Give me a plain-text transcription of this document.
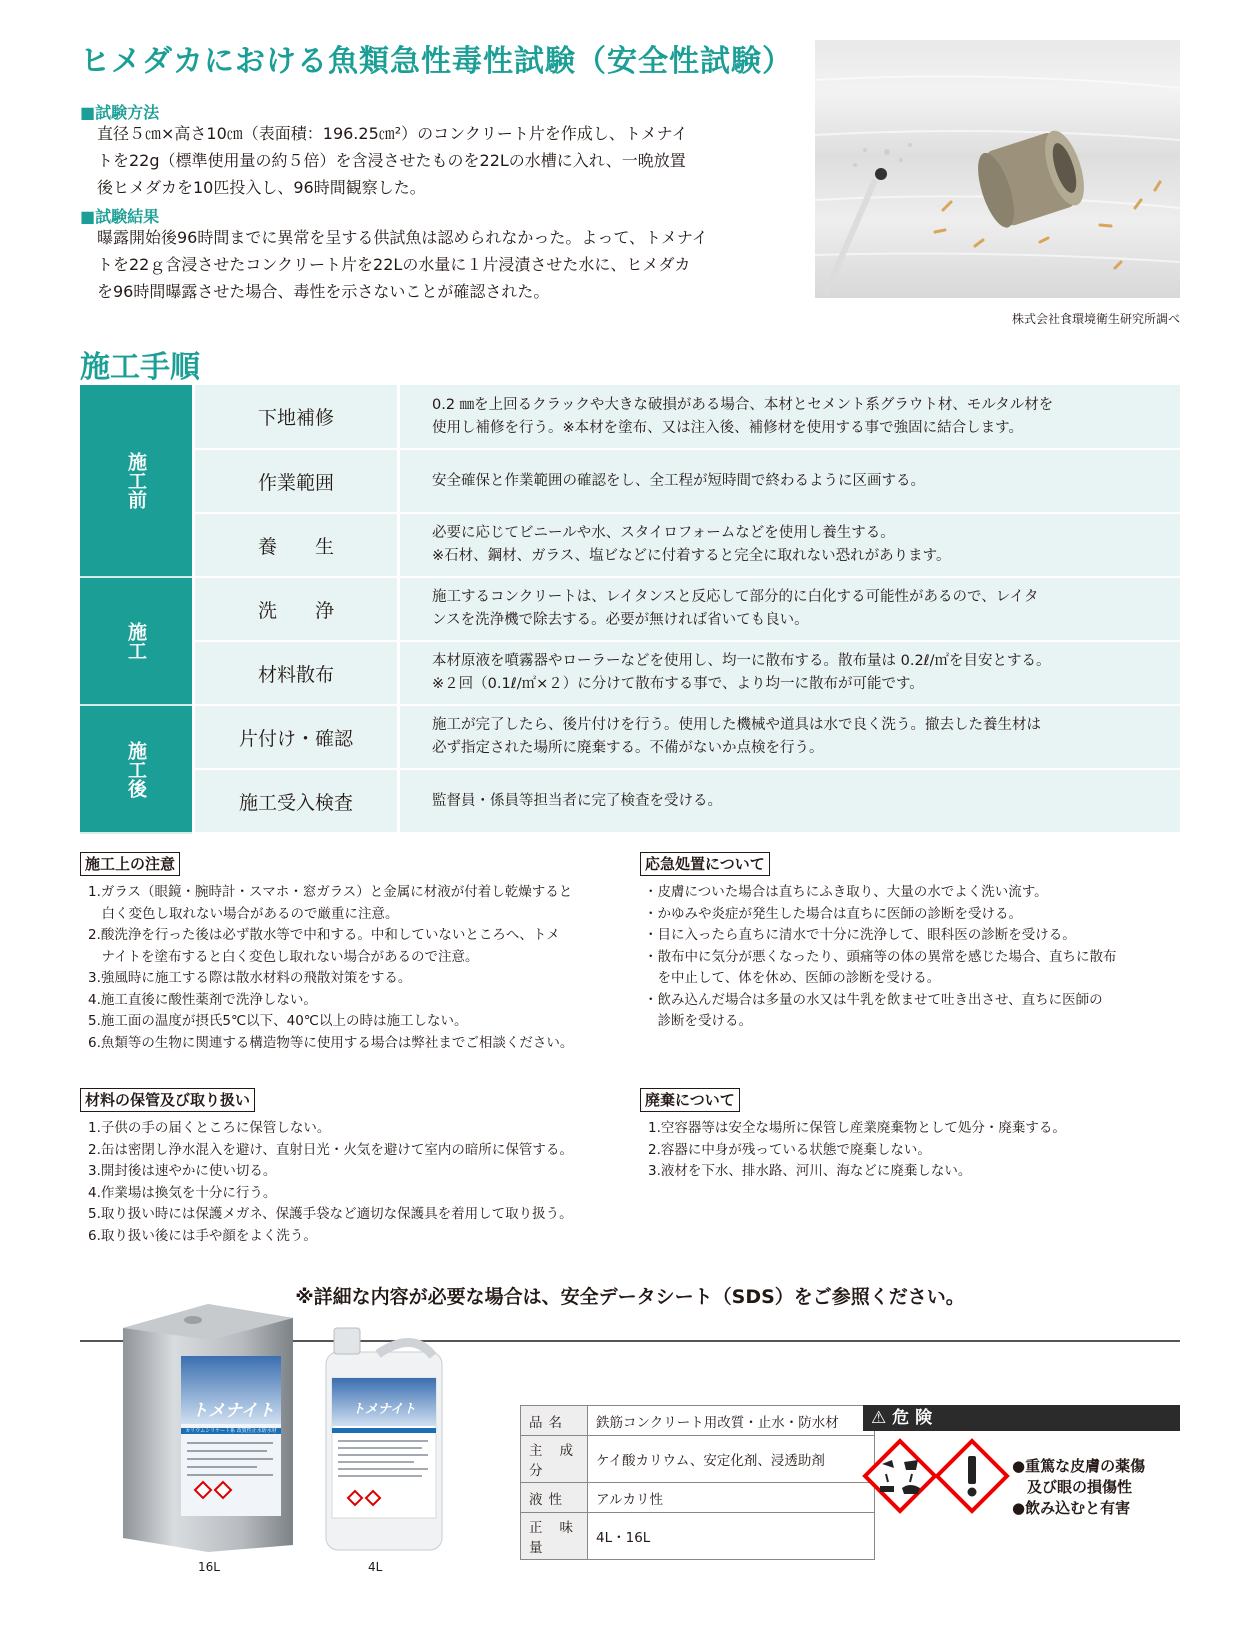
ヒメダカにおける魚類急性毒性試験（安全性試験）
■試験方法
直径５㎝×高さ10㎝（表面積：196.25㎝²）のコンクリート片を作成し、トメナイ
トを22g（標準使用量の約５倍）を含浸させたものを22Lの水槽に入れ、一晩放置
後ヒメダカを10匹投入し、96時間観察した。
■試験結果
曝露開始後96時間までに異常を呈する供試魚は認められなかった。よって、トメナイ
トを22ｇ含浸させたコンクリート片を22Lの水量に１片浸漬させた水に、ヒメダカ
を96時間曝露させた場合、毒性を示さないことが確認された。
株式会社食環境衛生研究所調べ
施工手順
施工前	下地補修	0.2 ㎜を上回るクラックや大きな破損がある場合、本材とセメント系グラウト材、モルタル材を
使用し補修を行う。※本材を塗布、又は注入後、補修材を使用する事で強固に結合します。

	作業範囲	安全確保と作業範囲の確認をし、全工程が短時間で終わるように区画する。

	養　　生	必要に応じてビニールや水、スタイロフォームなどを使用し養生する。
※石材、鋼材、ガラス、塩ビなどに付着すると完全に取れない恐れがあります。

施工	洗　　浄	施工するコンクリートは、レイタンスと反応して部分的に白化する可能性があるので、レイタ
ンスを洗浄機で除去する。必要が無ければ省いても良い。

	材料散布	本材原液を噴霧器やローラーなどを使用し、均一に散布する。散布量は 0.2ℓ/㎡を目安とする。
※２回（0.1ℓ/㎡×２）に分けて散布する事で、より均一に散布が可能です。

施工後	片付け・確認	施工が完了したら、後片付けを行う。使用した機械や道具は水で良く洗う。撤去した養生材は
必ず指定された場所に廃棄する。不備がないか点検を行う。

	施工受入検査	監督員・係員等担当者に完了検査を受ける。
施工上の注意
1.ガラス（眼鏡・腕時計・スマホ・窓ガラス）と金属に材液が付着し乾燥すると
　白く変色し取れない場合があるので厳重に注意。
2.酸洗浄を行った後は必ず散水等で中和する。中和していないところへ、トメ
　ナイトを塗布すると白く変色し取れない場合があるので注意。
3.強風時に施工する際は散水材料の飛散対策をする。
4.施工直後に酸性薬剤で洗浄しない。
5.施工面の温度が摂氏5℃以下、40℃以上の時は施工しない。
6.魚類等の生物に関連する構造物等に使用する場合は弊社までご相談ください。
応急処置について
・皮膚についた場合は直ちにふき取り、大量の水でよく洗い流す。
・かゆみや炎症が発生した場合は直ちに医師の診断を受ける。
・目に入ったら直ちに清水で十分に洗浄して、眼科医の診断を受ける。
・散布中に気分が悪くなったり、頭痛等の体の異常を感じた場合、直ちに散布
　を中止して、体を休め、医師の診断を受ける。
・飲み込んだ場合は多量の水又は牛乳を飲ませて吐き出させ、直ちに医師の
　診断を受ける。
材料の保管及び取り扱い
1.子供の手の届くところに保管しない。
2.缶は密閉し浄水混入を避け、直射日光・火気を避けて室内の暗所に保管する。
3.開封後は速やかに使い切る。
4.作業場は換気を十分に行う。
5.取り扱い時には保護メガネ、保護手袋など適切な保護具を着用して取り扱う。
6.取り扱い後には手や顔をよく洗う。
廃棄について
1.空容器等は安全な場所に保管し産業廃棄物として処分・廃棄する。
2.容器に中身が残っている状態で廃棄しない。
3.液材を下水、排水路、河川、海などに廃棄しない。
※詳細な内容が必要な場合は、安全データシート（SDS）をご参照ください。
トメナイト
カリウムシリケート系 改質性止水防水材
16L
トメナイト
4L
品名	鉄筋コンクリート用改質・止水・防水材
主成分	ケイ酸カリウム、安定化剤、浸透助剤
液性	アルカリ性
正味量	4L・16L
⚠ 危 険
●重篤な皮膚の薬傷
　及び眼の損傷性
●飲み込むと有害
